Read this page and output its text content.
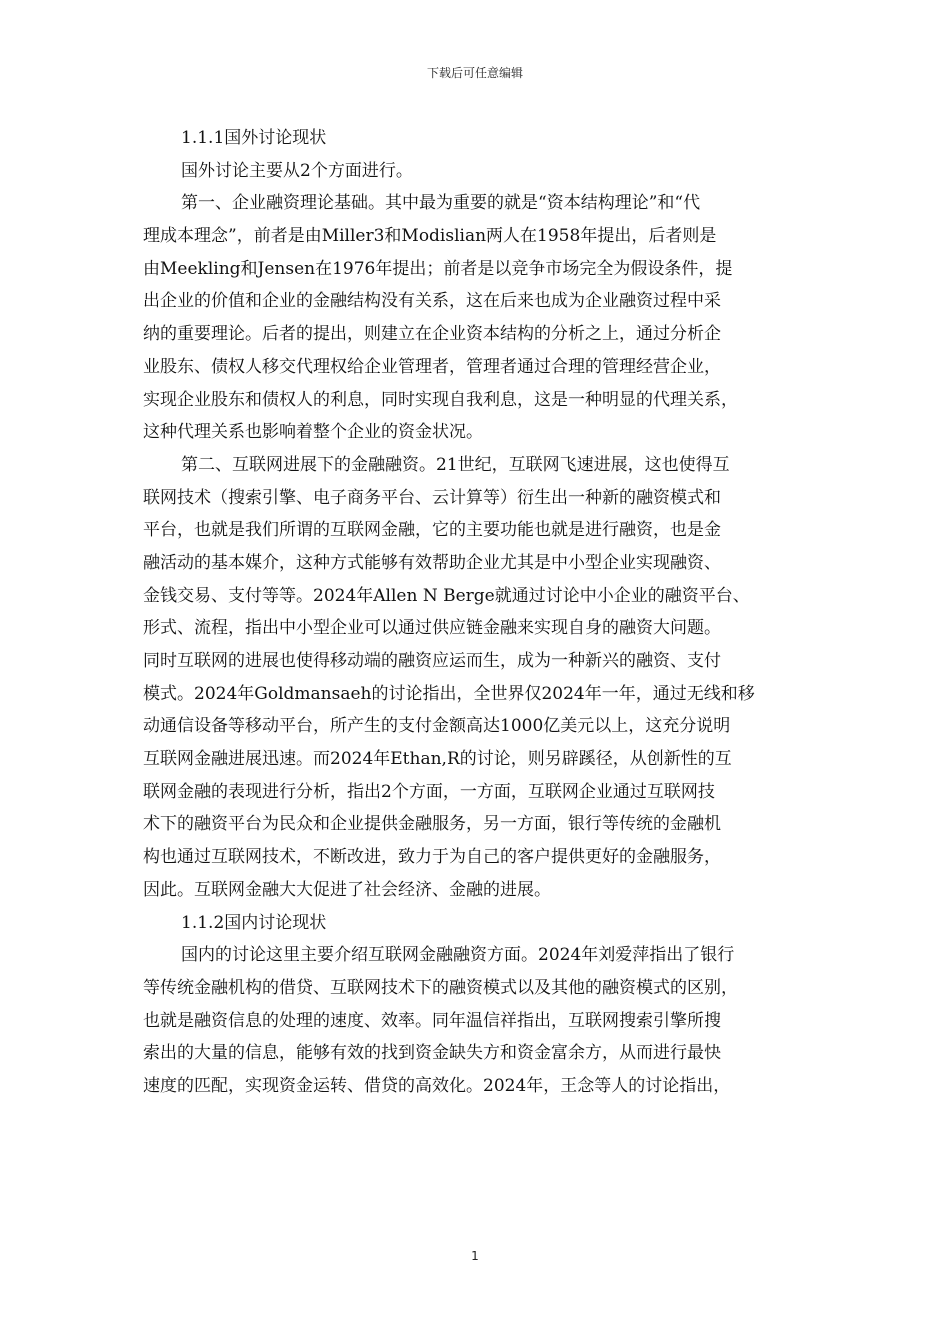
下载后可任意编辑
1.1.1国外讨论现状
国外讨论主要从2个方面进行。
第一、企业融资理论基础。其中最为重要的就是“资本结构理论”和“代
理成本理念”，前者是由Miller3和Modislian两人在1958年提出，后者则是
由Meekling和Jensen在1976年提出；前者是以竞争市场完全为假设条件，提
出企业的价值和企业的金融结构没有关系，这在后来也成为企业融资过程中采
纳的重要理论。后者的提出，则建立在企业资本结构的分析之上，通过分析企
业股东、债权人移交代理权给企业管理者，管理者通过合理的管理经营企业，
实现企业股东和债权人的利息，同时实现自我利息，这是一种明显的代理关系，
这种代理关系也影响着整个企业的资金状况。
第二、互联网进展下的金融融资。21世纪，互联网飞速进展，这也使得互
联网技术（搜索引擎、电子商务平台、云计算等）衍生出一种新的融资模式和
平台，也就是我们所谓的互联网金融，它的主要功能也就是进行融资，也是金
融活动的基本媒介，这种方式能够有效帮助企业尤其是中小型企业实现融资、
金钱交易、支付等等。2024年Allen N Berge就通过讨论中小企业的融资平台、
形式、流程，指出中小型企业可以通过供应链金融来实现自身的融资大问题。
同时互联网的进展也使得移动端的融资应运而生，成为一种新兴的融资、支付
模式。2024年Goldmansaeh的讨论指出，全世界仅2024年一年，通过无线和移
动通信设备等移动平台，所产生的支付金额高达1000亿美元以上，这充分说明
互联网金融进展迅速。而2024年Ethan,R的讨论，则另辟蹊径，从创新性的互
联网金融的表现进行分析，指出2个方面，一方面，互联网企业通过互联网技
术下的融资平台为民众和企业提供金融服务，另一方面，银行等传统的金融机
构也通过互联网技术，不断改进，致力于为自己的客户提供更好的金融服务，
因此。互联网金融大大促进了社会经济、金融的进展。
1.1.2国内讨论现状
国内的讨论这里主要介绍互联网金融融资方面。2024年刘爱萍指出了银行
等传统金融机构的借贷、互联网技术下的融资模式以及其他的融资模式的区别，
也就是融资信息的处理的速度、效率。同年温信祥指出，互联网搜索引擎所搜
索出的大量的信息，能够有效的找到资金缺失方和资金富余方，从而进行最快
速度的匹配，实现资金运转、借贷的高效化。2024年，王念等人的讨论指出，
1
